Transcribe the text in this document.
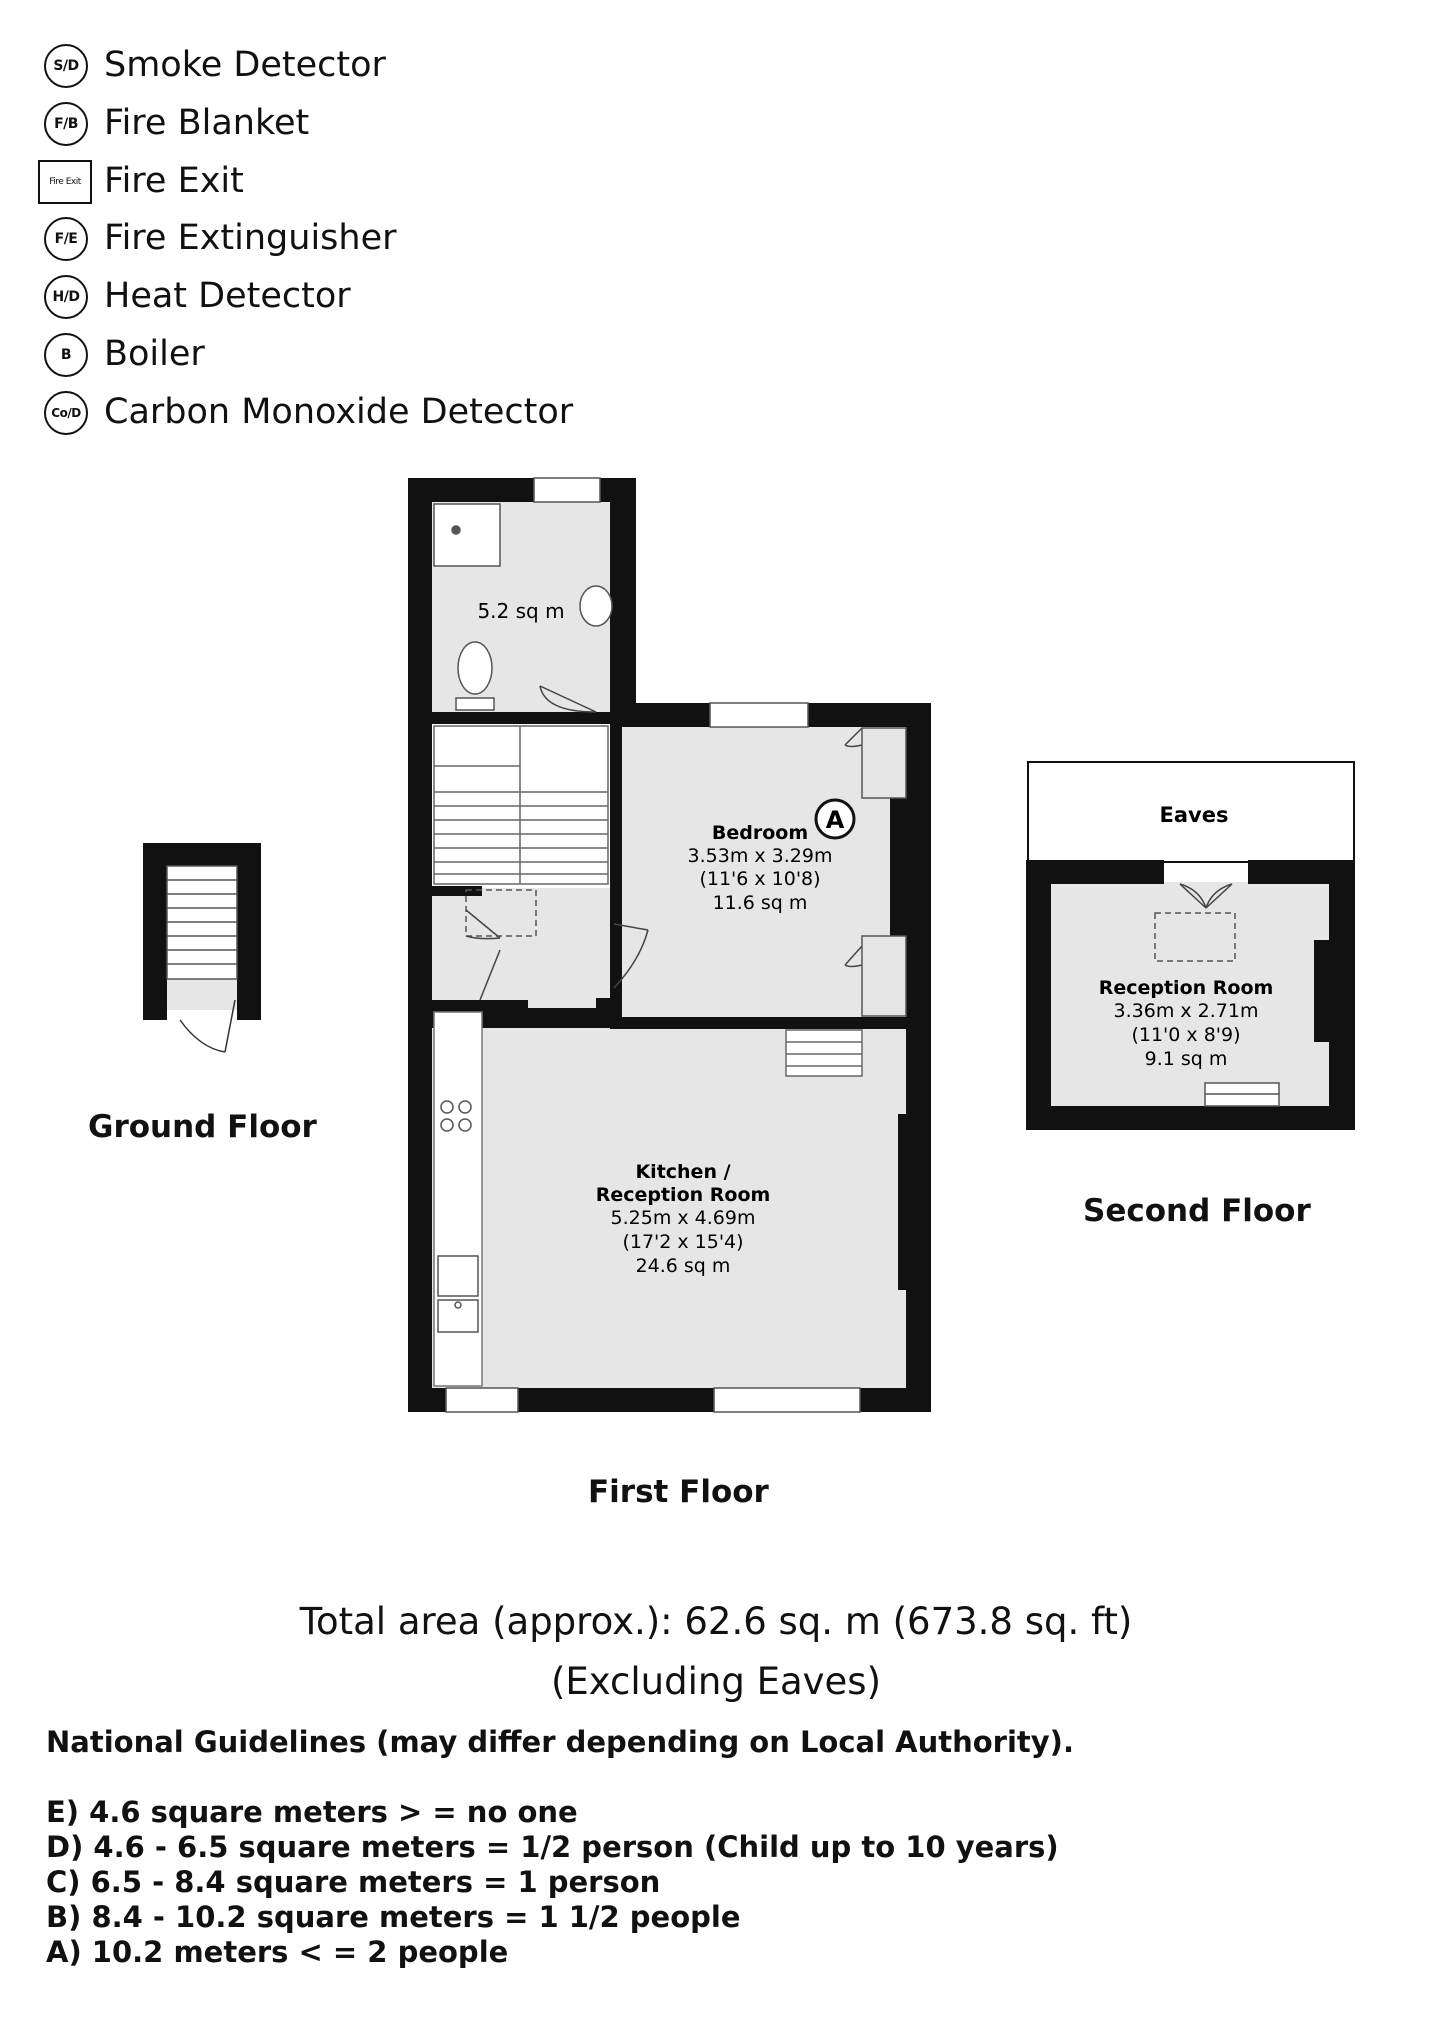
S/D Smoke Detector
F/B Fire Blanket
Fire Exit Fire Exit
F/E Fire Extinguisher
H/D Heat Detector
B Boiler
Co/D Carbon Monoxide Detector
A
5.2 sq m
Bedroom
3.53m x 3.29m
(11'6 x 10'8)
11.6 sq m
Kitchen /
Reception Room
5.25m x 4.69m
(17'2 x 15'4)
24.6 sq m
Eaves
Reception Room
3.36m x 2.71m
(11'0 x 8'9)
9.1 sq m
Ground Floor
First Floor
Second Floor
Total area (approx.): 62.6 sq. m (673.8 sq. ft)
(Excluding Eaves)
National Guidelines (may differ depending on Local Authority).
E) 4.6 square meters > = no one
D) 4.6 - 6.5 square meters = 1/2 person (Child up to 10 years)
C) 6.5 - 8.4 square meters = 1 person
B) 8.4 - 10.2 square meters = 1 1/2 people
A) 10.2 meters < = 2 people
